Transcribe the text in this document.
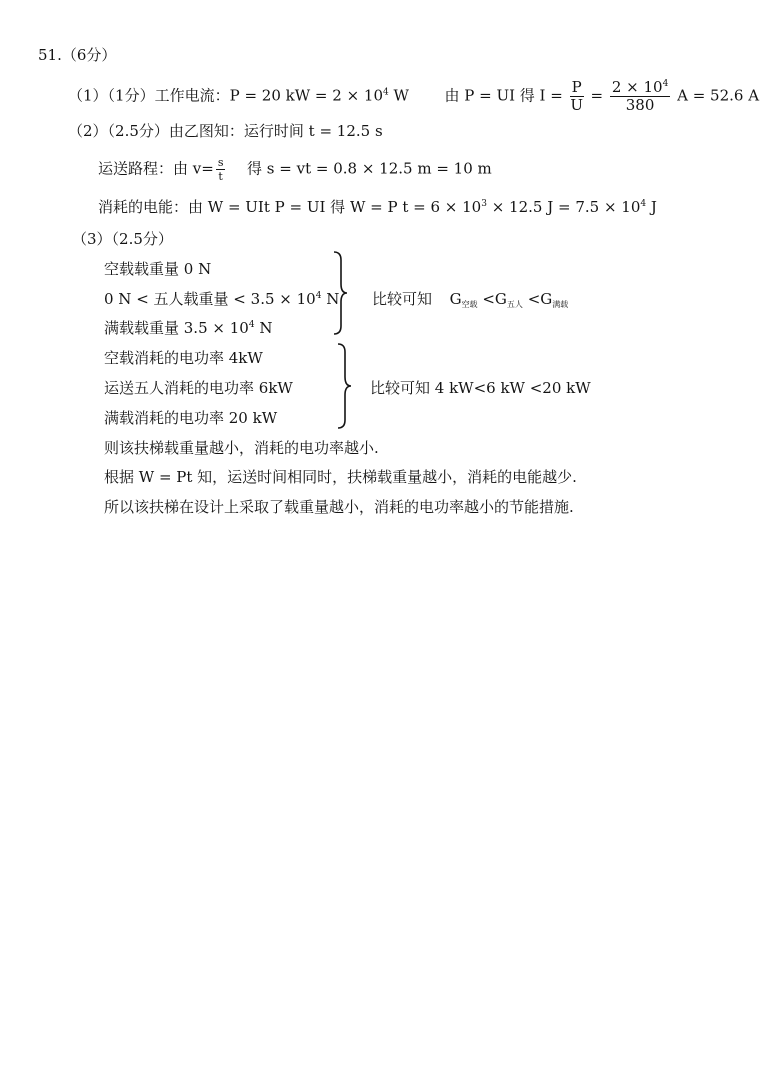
51.（6分）
（1）（1分）工作电流：P = 20 kW = $2 \times 10^4$ W 由 P = UI 得 $I = \frac{P}{U} = \frac{2 \times 10^4}{380}$ A = 52.6 A
（2）（2.5分）由乙图知：运行时间 t = 12.5 s
运送路程：由 $v= \frac{s}{t}$ 得 s = vt = 0.8 × 12.5 m = 10 m
消耗的电能：由 W = UIt P = UI 得 W = P $t = 6 \times 10^3 \times 12.5$ $J = 7.5 \times 10^4$ J
（3）（2.5分）
空载载重量 0 N
0 N < 五人载重量 < $3.5 \times 10^4$ N
满载载重量 $3.5 \times 10^4$ N
比较可知 $G_{空载} <G_{五人} <G_{满载}$
空载消耗的电功率 4kW
运送五人消耗的电功率 6kW
满载消耗的电功率 20 kW
比较可知 4 kW<6 kW <20 kW
则该扶梯载重量越小，消耗的电功率越小.
根据 W = Pt 知，运送时间相同时，扶梯载重量越小，消耗的电能越少.
所以该扶梯在设计上采取了载重量越小，消耗的电功率越小的节能措施.
